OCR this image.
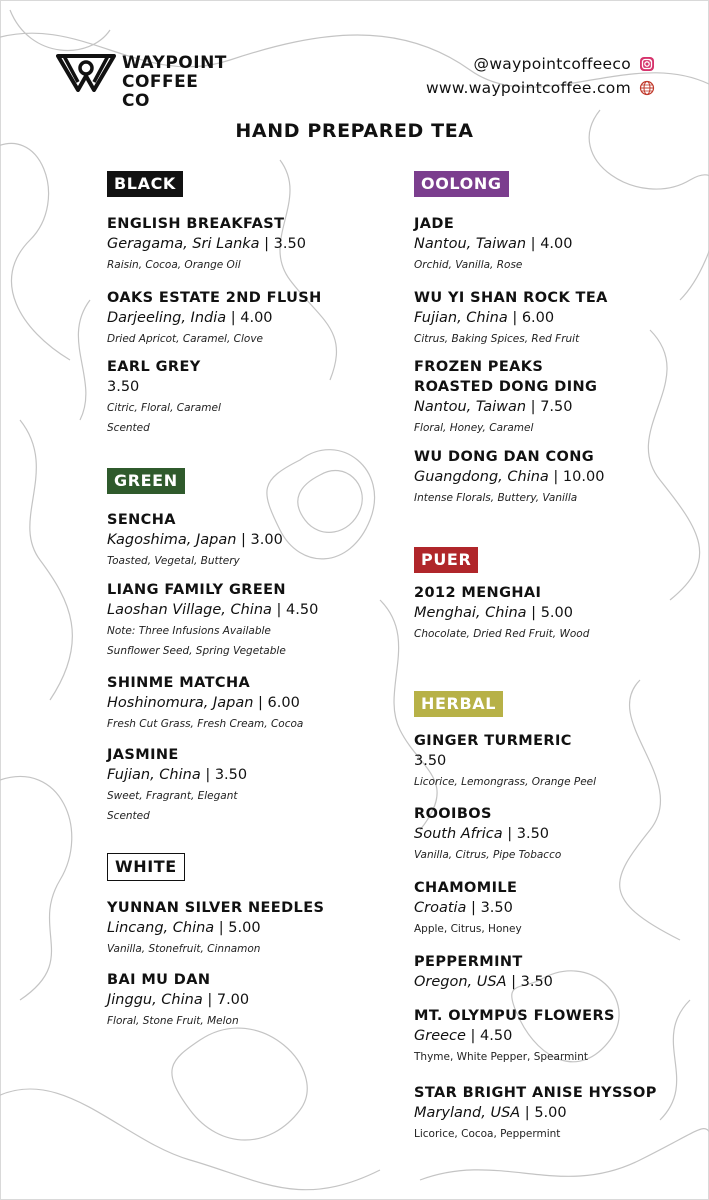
WAYPOINT
COFFEE CO
@waypointcoffeeco
www.waypointcoffee.com
HAND PREPARED TEA
BLACK
ENGLISH BREAKFAST
Geragama, Sri Lanka | 3.50
Raisin, Cocoa, Orange Oil
OAKS ESTATE 2ND FLUSH
Darjeeling, India | 4.00
Dried Apricot, Caramel, Clove
EARL GREY
3.50
Citric, Floral, Caramel
Scented
GREEN
SENCHA
Kagoshima, Japan | 3.00
Toasted, Vegetal, Buttery
LIANG FAMILY GREEN
Laoshan Village, China | 4.50
Note: Three Infusions Available
Sunflower Seed, Spring Vegetable
SHINME MATCHA
Hoshinomura, Japan | 6.00
Fresh Cut Grass, Fresh Cream, Cocoa
JASMINE
Fujian, China | 3.50
Sweet, Fragrant, Elegant
Scented
WHITE
YUNNAN SILVER NEEDLES
Lincang, China | 5.00
Vanilla, Stonefruit, Cinnamon
BAI MU DAN
Jinggu, China | 7.00
Floral, Stone Fruit, Melon
OOLONG
JADE
Nantou, Taiwan | 4.00
Orchid, Vanilla, Rose
WU YI SHAN ROCK TEA
Fujian, China | 6.00
Citrus, Baking Spices, Red Fruit
FROZEN PEAKS
ROASTED DONG DING
Nantou, Taiwan | 7.50
Floral, Honey, Caramel
WU DONG DAN CONG
Guangdong, China | 10.00
Intense Florals, Buttery, Vanilla
PUER
2012 MENGHAI
Menghai, China | 5.00
Chocolate, Dried Red Fruit, Wood
HERBAL
GINGER TURMERIC
3.50
Licorice, Lemongrass, Orange Peel
ROOIBOS
South Africa | 3.50
Vanilla, Citrus, Pipe Tobacco
CHAMOMILE
Croatia | 3.50
Apple, Citrus, Honey
PEPPERMINT
Oregon, USA | 3.50
MT. OLYMPUS FLOWERS
Greece | 4.50
Thyme, White Pepper, Spearmint
STAR BRIGHT ANISE HYSSOP
Maryland, USA | 5.00
Licorice, Cocoa, Peppermint
